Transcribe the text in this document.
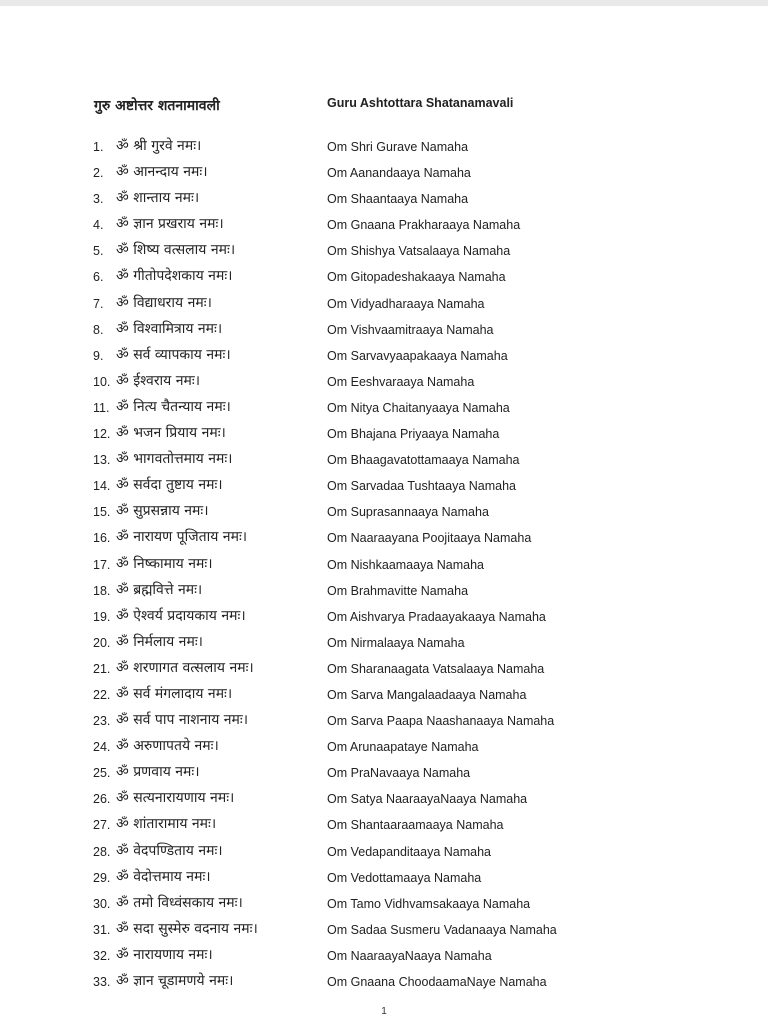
गुरु अष्टोत्तर शतनामावली	Guru Ashtottara Shatanamavali
1. ॐ श्री गुरवे नमः।	Om Shri Gurave Namaha
2. ॐ आनन्दाय नमः।	Om Aanandaaya Namaha
3. ॐ शान्ताय नमः।	Om Shaantaaya Namaha
4. ॐ ज्ञान प्रखराय नमः।	Om Gnaana Prakharaaya Namaha
5. ॐ शिष्य वत्सलाय नमः।	Om Shishya Vatsalaaya Namaha
6. ॐ गीतोपदेशकाय नमः।	Om Gitopadeshakaaya Namaha
7. ॐ विद्याधराय नमः।	Om Vidyadharaaya Namaha
8. ॐ विश्वामित्राय नमः।	Om Vishvaamitraaya Namaha
9. ॐ सर्व व्यापकाय नमः।	Om Sarvavyaapakaaya Namaha
10. ॐ ईश्वराय नमः।	Om Eeshvaraaya Namaha
11. ॐ नित्य चैतन्याय नमः।	Om Nitya Chaitanyaaya Namaha
12. ॐ भजन प्रियाय नमः।	Om Bhajana Priyaaya Namaha
13. ॐ भागवतोत्तमाय नमः।	Om Bhaagavatottamaaya Namaha
14. ॐ सर्वदा तुष्टाय नमः।	Om Sarvadaa Tushtaaya Namaha
15. ॐ सुप्रसन्नाय नमः।	Om Suprasannaaya Namaha
16. ॐ नारायण पूजिताय नमः।	Om Naaraayana Poojitaaya Namaha
17. ॐ निष्कामाय नमः।	Om Nishkaamaaya Namaha
18. ॐ ब्रह्मवित्ते नमः।	Om Brahmavitte Namaha
19. ॐ ऐश्वर्य प्रदायकाय नमः।	Om Aishvarya Pradaayakaaya Namaha
20. ॐ निर्मलाय नमः।	Om Nirmalaaya Namaha
21. ॐ शरणागत वत्सलाय नमः।	Om Sharanaagata Vatsalaaya Namaha
22. ॐ सर्व मंगलादाय नमः।	Om Sarva Mangalaadaaya Namaha
23. ॐ सर्व पाप नाशनाय नमः।	Om Sarva Paapa Naashanaaya Namaha
24. ॐ अरुणापतये नमः।	Om Arunaapataye Namaha
25. ॐ प्रणवाय नमः।	Om PraNavaaya Namaha
26. ॐ सत्यनारायणाय नमः।	Om Satya NaaraayaNaaya Namaha
27. ॐ शांतारामाय नमः।	Om Shantaaraamaaya Namaha
28. ॐ वेदपण्डिताय नमः।	Om Vedapanditaaya Namaha
29. ॐ वेदोत्तमाय नमः।	Om Vedottamaaya Namaha
30. ॐ तमो विध्वंसकाय नमः।	Om Tamo Vidhvamsakaaya Namaha
31. ॐ सदा सुस्मेरु वदनाय नमः।	Om Sadaa Susmeru Vadanaaya Namaha
32. ॐ नारायणाय नमः।	Om NaaraayaNaaya Namaha
33. ॐ ज्ञान चूडामणये नमः।	Om Gnaana ChoodaamaNaye Namaha
1
